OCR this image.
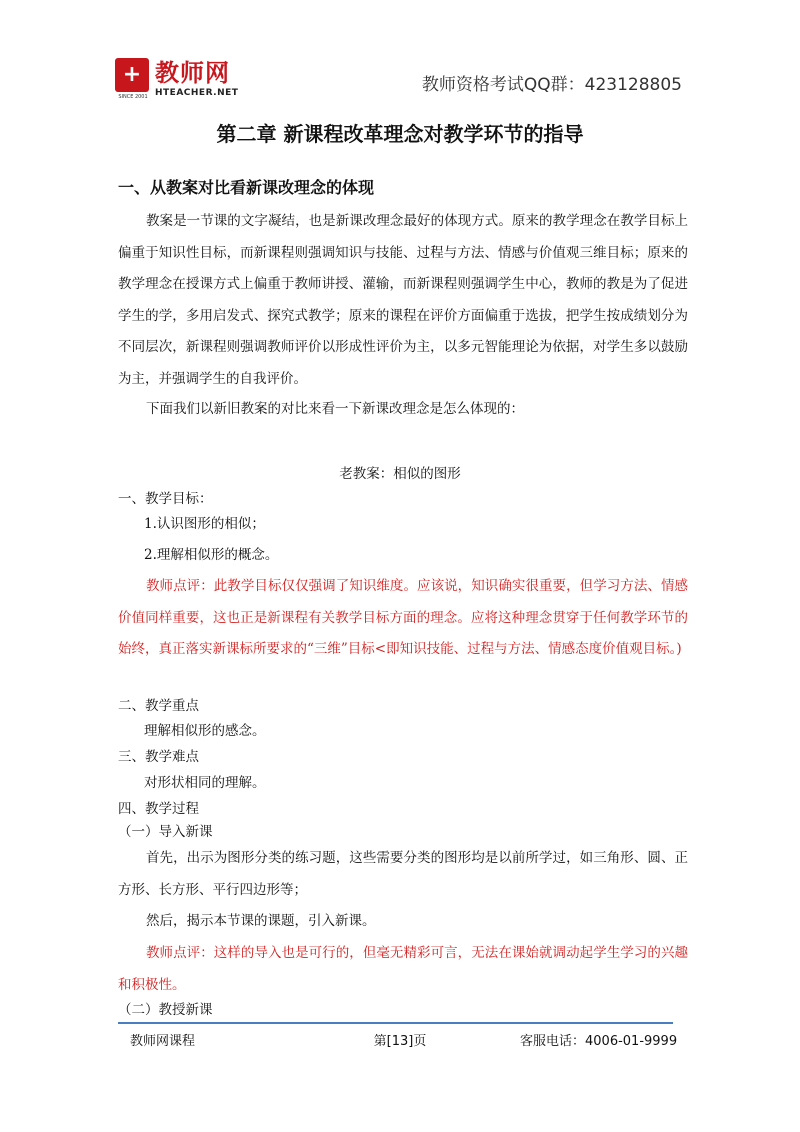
+ 教师网
HTEACHER.NET
SINCE 2001
教师资格考试QQ群：423128805
第二章 新课程改革理念对教学环节的指导
一、从教案对比看新课改理念的体现
教案是一节课的文字凝结，也是新课改理念最好的体现方式。原来的教学理念在教学目标上偏重于知识性目标，而新课程则强调知识与技能、过程与方法、情感与价值观三维目标；原来的教学理念在授课方式上偏重于教师讲授、灌输，而新课程则强调学生中心，教师的教是为了促进学生的学，多用启发式、探究式教学；原来的课程在评价方面偏重于选拔，把学生按成绩划分为不同层次，新课程则强调教师评价以形成性评价为主，以多元智能理论为依据，对学生多以鼓励为主，并强调学生的自我评价。
下面我们以新旧教案的对比来看一下新课改理念是怎么体现的：
老教案：相似的图形
一、教学目标：
1.认识图形的相似；
2.理解相似形的概念。
教师点评：此教学目标仅仅强调了知识维度。应该说，知识确实很重要，但学习方法、情感价值同样重要，这也正是新课程有关教学目标方面的理念。应将这种理念贯穿于任何教学环节的始终，真正落实新课标所要求的“三维”目标<即知识技能、过程与方法、情感态度价值观目标。)
二、教学重点
理解相似形的感念。
三、教学难点
对形状相同的理解。
四、教学过程
（一）导入新课
首先，出示为图形分类的练习题，这些需要分类的图形均是以前所学过，如三角形、圆、正方形、长方形、平行四边形等；
然后，揭示本节课的课题，引入新课。
教师点评：这样的导入也是可行的，但毫无精彩可言，无法在课始就调动起学生学习的兴趣和积极性。
（二）教授新课
教师网课程	第[13]页	客服电话：4006-01-9999
